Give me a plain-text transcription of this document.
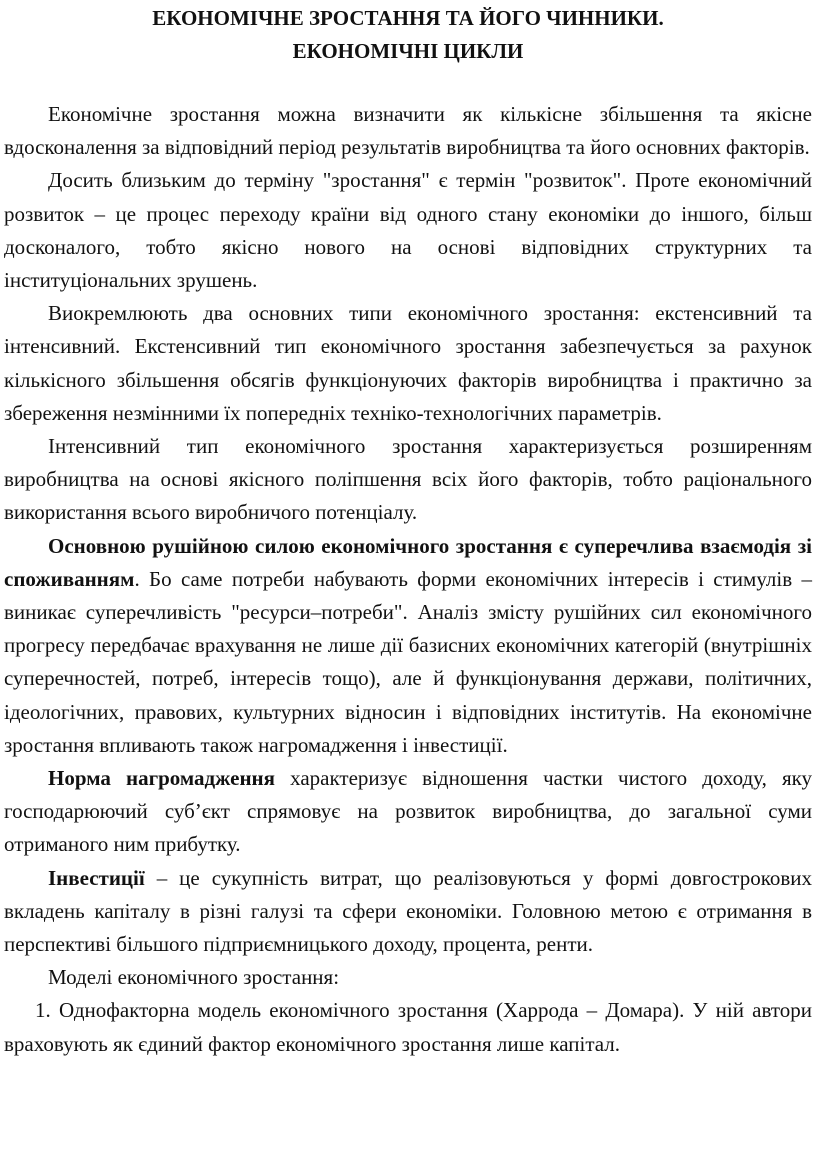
ЕКОНОМІЧНЕ ЗРОСТАННЯ ТА ЙОГО ЧИННИКИ.
ЕКОНОМІЧНІ ЦИКЛИ

Економічне зростання можна визначити як кількісне збільшення та якісне вдосконалення за відповідний період результатів виробництва та його основних факторів.

Досить близьким до терміну "зростання" є термін "розвиток". Проте економічний розвиток – це процес переходу країни від одного стану економіки до іншого, більш досконалого, тобто якісно нового на основі відповідних структурних та інституціональних зрушень.

Виокремлюють два основних типи економічного зростання: екстенсивний та інтенсивний. Екстенсивний тип економічного зростання забезпечується за рахунок кількісного збільшення обсягів функціонуючих факторів виробництва і практично за збереження незмінними їх попередніх техніко-технологічних параметрів.

Інтенсивний тип економічного зростання характеризується розширенням виробництва на основі якісного поліпшення всіх його факторів, тобто раціонального використання всього виробничого потенціалу.

Основною рушійною силою економічного зростання є суперечлива взаємодія зі споживанням. Бо саме потреби набувають форми економічних інтересів і стимулів – виникає суперечливість "ресурси–потреби". Аналіз змісту рушійних сил економічного прогресу передбачає врахування не лише дії базисних економічних категорій (внутрішніх суперечностей, потреб, інтересів тощо), але й функціонування держави, політичних, ідеологічних, правових, культурних відносин і відповідних інститутів. На економічне зростання впливають також нагромадження і інвестиції.

Норма нагромадження характеризує відношення частки чистого доходу, яку господарюючий суб’єкт спрямовує на розвиток виробництва, до загальної суми отриманого ним прибутку.

Інвестиції – це сукупність витрат, що реалізовуються у формі довгострокових вкладень капіталу в різні галузі та сфери економіки. Головною метою є отримання в перспективі більшого підприємницького доходу, процента, ренти.

Моделі економічного зростання:

1. Однофакторна модель економічного зростання (Харрода – Домара). У ній автори враховують як єдиний фактор економічного зростання лише капітал.
